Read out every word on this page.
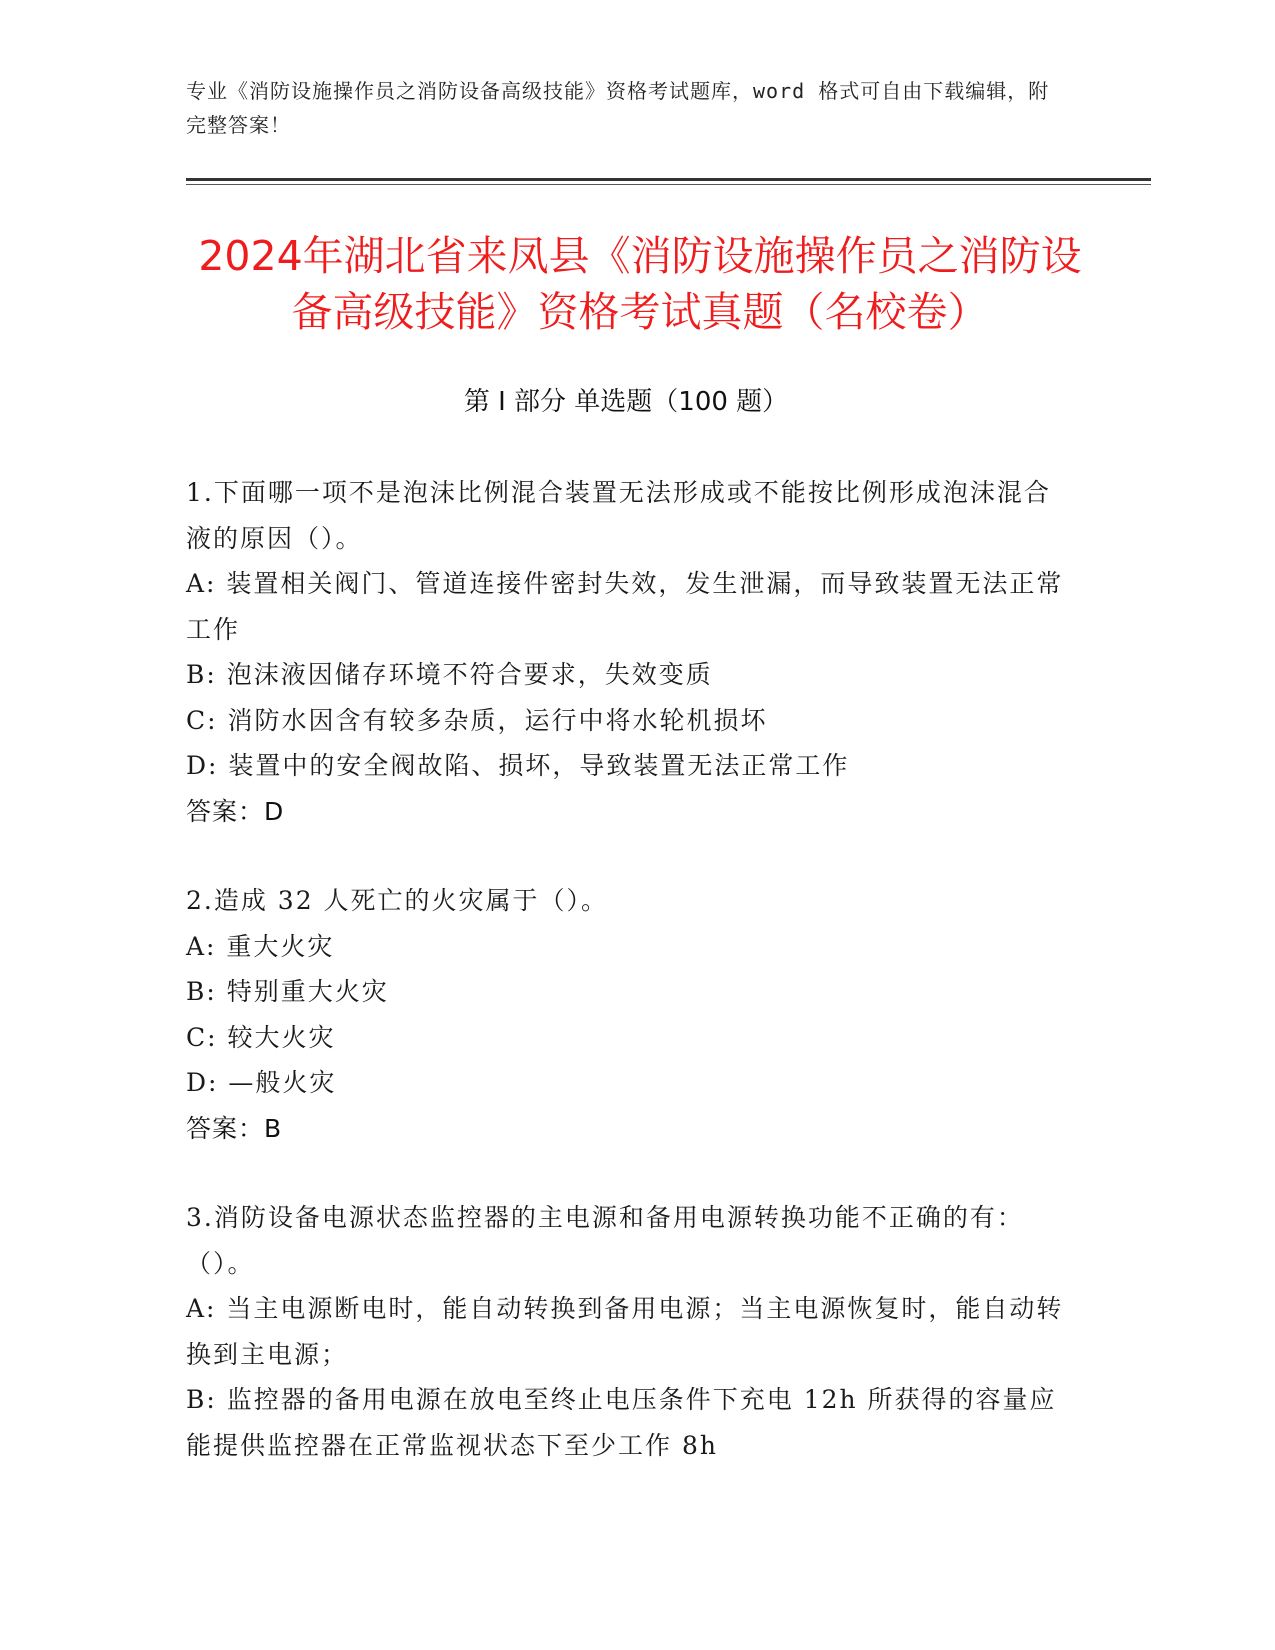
专业《消防设施操作员之消防设备高级技能》资格考试题库，word 格式可自由下载编辑，附完整答案！
2024年湖北省来凤县《消防设施操作员之消防设备高级技能》资格考试真题（名校卷）
第 I 部分 单选题（100 题）
1.下面哪一项不是泡沫比例混合装置无法形成或不能按比例形成泡沫混合液的原因（）。
A: 装置相关阀门、管道连接件密封失效，发生泄漏，而导致装置无法正常工作
B: 泡沫液因储存环境不符合要求，失效变质
C: 消防水因含有较多杂质，运行中将水轮机损坏
D: 装置中的安全阀故陷、损坏，导致装置无法正常工作
答案：D
2.造成 32 人死亡的火灾属于（）。
A: 重大火灾
B: 特别重大火灾
C: 较大火灾
D: —般火灾
答案：B
3.消防设备电源状态监控器的主电源和备用电源转换功能不正确的有：（）。
A: 当主电源断电时，能自动转换到备用电源；当主电源恢复时，能自动转换到主电源；
B: 监控器的备用电源在放电至终止电压条件下充电 12h 所获得的容量应能提供监控器在正常监视状态下至少工作 8h
